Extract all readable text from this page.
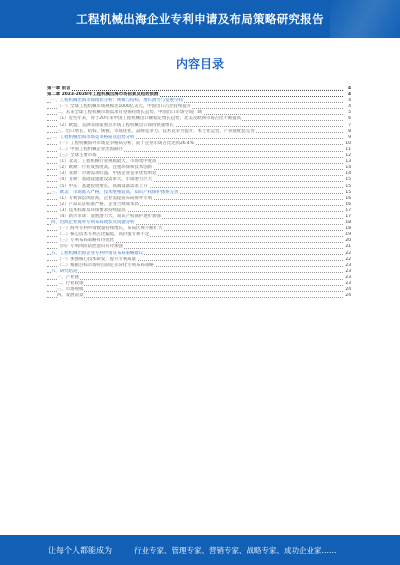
工程机械出海企业专利申请及布局策略研究报告
内容目录
第一章 前言	4
第二章 2023-2028年工程机械出海市场前景及趋势预测	4
一、工程机械出海市场现状分析：规模与结构、增长潜力与发展空间	4
（一）全球工程机械市场规模达1000亿美元，中国出口占比持续提升	4
二、未来全球工程机械市场需求有望保持增长态势，中国出口市场空间广阔	5
（1）近些年来，对于20年来中国工程机械出口额稳定增长趋势，北美及欧洲市场占比不断提高	6
（2）欧盟、美洲等国家重点市场工程机械出口保持快速增长	7
三、出口增长、结构、规模、市场优化、品牌竞争力、技术竞争力提升，本土化运营，产业链配套完善	8
二、工程机械出海市场竞争格局及趋势分析	9
（一）工程机械海外市场竞争格局分析，前十企业市场占比达到26.4%	10
（二）中国工程机械企业出海路径	11
（三）全球主要市场	12
（1）北美：工程机械行业规模最大，市场集中度高	13
（2）欧洲：行业成熟度高，注重环保和技术创新	14
（3）亚洲：市场需求旺盛，中国企业竞争优势明显	14
（4）非洲：基础设施建设需求大，市场潜力巨大	15
（5）中东：基建投资增长，高端设备需求上升	15
三、欧美：市场准入严格，技术壁垒较高，知识产权保护体系完善	15
（1）专利诉讼风险高，企业需提前布局海外专利	16
（2）产品认证标准严格，企业合规成本高	16
（3）技术标准及环保要求持续提高	17
（4）新兴市场：发展潜力大，知识产权保护逐步加强	17
四、出海企业海外专利布局现状及问题分析	18
（一）海外专利申请数量持续增长，布局区域不断扩大	18
（二）核心技术专利占比偏低，高价值专利不足	19
（三）专利布局策略有待优化	20
（四）专利风险防控意识有待加强	21
五、工程机械出海企业专利申请及布局策略建议	22
（一）加强核心技术研发，提升专利质量	22
（二）根据目标市场特点制定差异化专利布局策略	23
六、研究结论	23
一、产业链	23
二、行业政策	23
三、市场规模	24
四、发展前景	24
让每个人都能成为	行业专家、管理专家、营销专家、战略专家、成功企业家……
